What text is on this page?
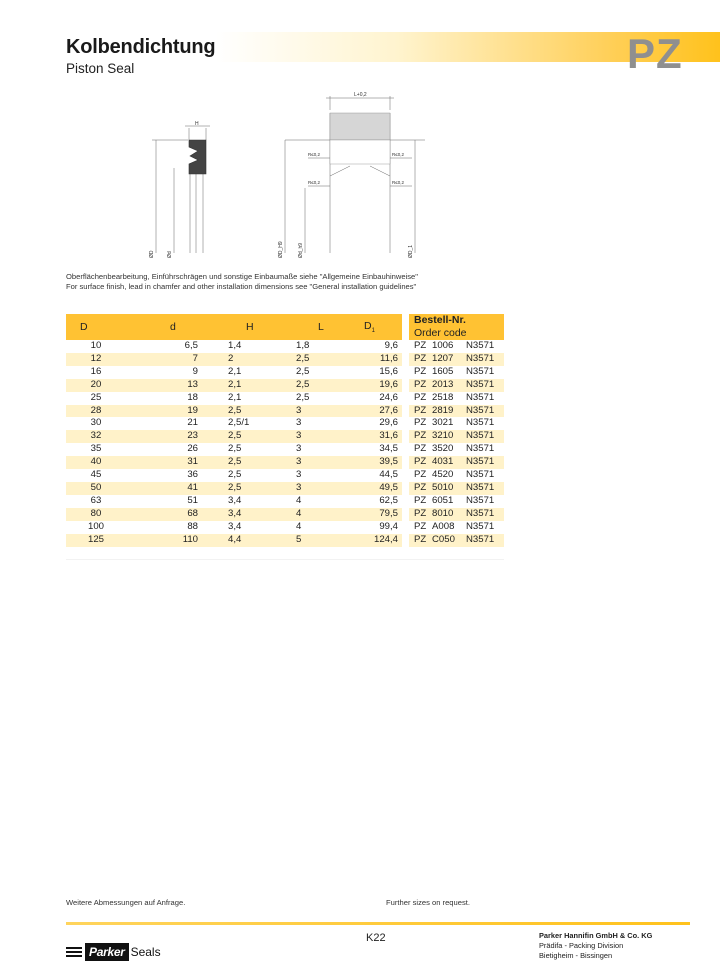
Kolbendichtung
Piston Seal	PZ
H
ØD Ød
L+0,2
R≤0,2	R≤0,2
R≤0,2	R≤0,2
ØD_H9	Ød_h9	ØD_1
Oberflächenbearbeitung, Einführschrägen und sonstige Einbaumaße siehe "Allgemeine Einbauhinweise"
For surface finish, lead in chamfer and other installation dimensions see "General installation guidelines"
D	d	H	L	$D_1$		Bestell-Nr.
Order code

10	6,5	1,4	1,8	9,6		PZ 1006 N3571
12	7	2	2,5	11,6		PZ 1207 N3571
16	9	2,1	2,5	15,6		PZ 1605 N3571
20	13	2,1	2,5	19,6		PZ 2013 N3571
25	18	2,1	2,5	24,6		PZ 2518 N3571
28	19	2,5	3	27,6		PZ 2819 N3571
30	21	2,5/1	3	29,6		PZ 3021 N3571
32	23	2,5	3	31,6		PZ 3210 N3571
35	26	2,5	3	34,5		PZ 3520 N3571
40	31	2,5	3	39,5		PZ 4031 N3571
45	36	2,5	3	44,5		PZ 4520 N3571
50	41	2,5	3	49,5		PZ 5010 N3571
63	51	3,4	4	62,5		PZ 6051 N3571
80	68	3,4	4	79,5		PZ 8010 N3571
100	88	3,4	4	99,4		PZ A008 N3571
125	110	4,4	5	124,4		PZ C050 N3571

Weitere Abmessungen auf Anfrage.	Further sizes on request.
Parker Seals
K22	Parker Hannifin GmbH & Co. KG
Prädifa - Packing Division
Bietigheim - Bissingen
